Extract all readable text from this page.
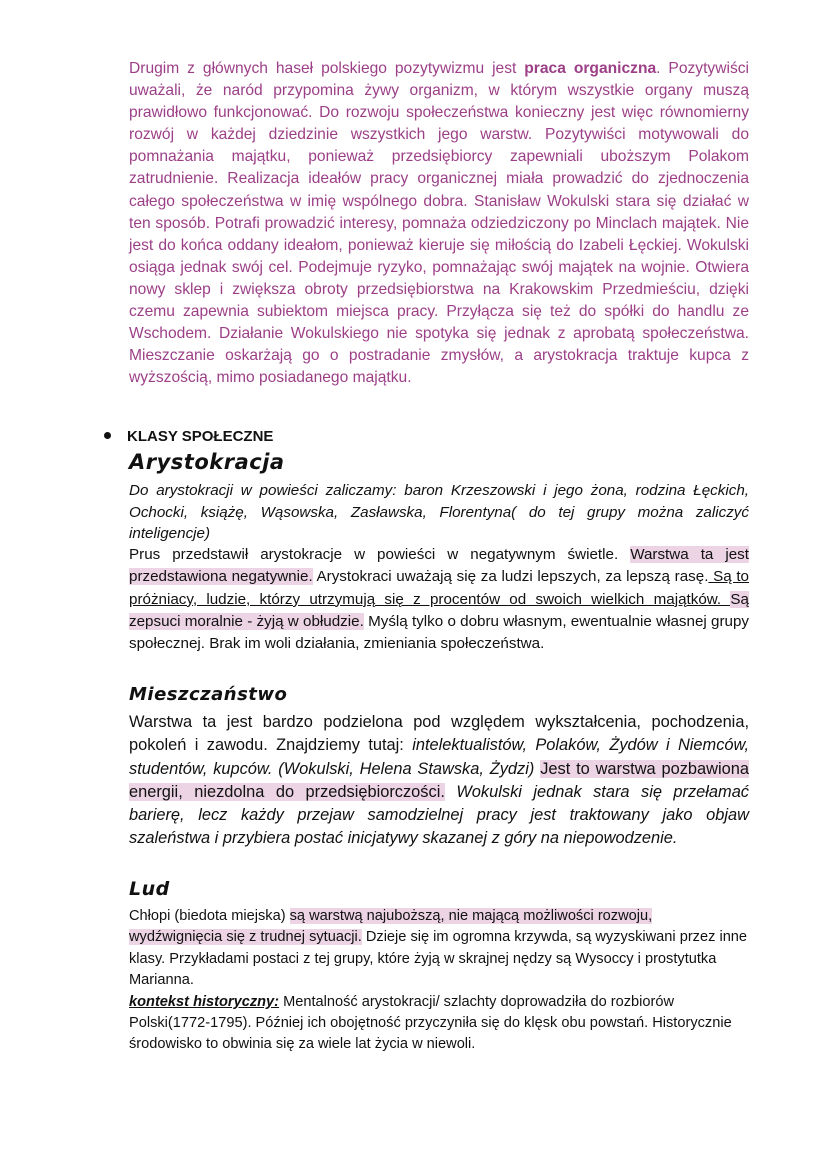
Drugim z głównych haseł polskiego pozytywizmu jest praca organiczna. Pozytywiści uważali, że naród przypomina żywy organizm, w którym wszystkie organy muszą prawidłowo funkcjonować. Do rozwoju społeczeństwa konieczny jest więc równomierny rozwój w każdej dziedzinie wszystkich jego warstw. Pozytywiści motywowali do pomnażania majątku, ponieważ przedsiębiorcy zapewniali uboższym Polakom zatrudnienie. Realizacja ideałów pracy organicznej miała prowadzić do zjednoczenia całego społeczeństwa w imię wspólnego dobra. Stanisław Wokulski stara się działać w ten sposób. Potrafi prowadzić interesy, pomnaża odziedziczony po Minclach majątek. Nie jest do końca oddany ideałom, ponieważ kieruje się miłością do Izabeli Łęckiej. Wokulski osiąga jednak swój cel. Podejmuje ryzyko, pomnażając swój majątek na wojnie. Otwiera nowy sklep i zwiększa obroty przedsiębiorstwa na Krakowskim Przedmieściu, dzięki czemu zapewnia subiektom miejsca pracy. Przyłącza się też do spółki do handlu ze Wschodem. Działanie Wokulskiego nie spotyka się jednak z aprobatą społeczeństwa. Mieszczanie oskarżają go o postradanie zmysłów, a arystokracja traktuje kupca z wyższością, mimo posiadanego majątku.

KLASY SPOŁECZNE
Arystokracja

Do arystokracji w powieści zaliczamy: baron Krzeszowski i jego żona, rodzina Łęckich, Ochocki, książę, Wąsowska, Zasławska, Florentyna( do tej grupy można zaliczyć inteligencje)

Prus przedstawił arystokracje w powieści w negatywnym świetle. Warstwa ta jest przedstawiona negatywnie. Arystokraci uważają się za ludzi lepszych, za lepszą rasę. Są to próżniacy, ludzie, którzy utrzymują się z procentów od swoich wielkich majątków. Są zepsuci moralnie - żyją w obłudzie. Myślą tylko o dobru własnym, ewentualnie własnej grupy społecznej. Brak im woli działania, zmieniania społeczeństwa.

Mieszczaństwo

Warstwa ta jest bardzo podzielona pod względem wykształcenia, pochodzenia, pokoleń i zawodu. Znajdziemy tutaj: intelektualistów, Polaków, Żydów i Niemców, studentów, kupców. (Wokulski, Helena Stawska, Żydzi) Jest to warstwa pozbawiona energii, niezdolna do przedsiębiorczości. Wokulski jednak stara się przełamać barierę, lecz każdy przejaw samodzielnej pracy jest traktowany jako objaw szaleństwa i przybiera postać inicjatywy skazanej z góry na niepowodzenie.

Lud

Chłopi (biedota miejska) są warstwą najuboższą, nie mającą możliwości rozwoju, wydźwignięcia się z trudnej sytuacji. Dzieje się im ogromna krzywda, są wyzyskiwani przez inne klasy. Przykładami postaci z tej grupy, które żyją w skrajnej nędzy są Wysoccy i prostytutka Marianna.
kontekst historyczny: Mentalność arystokracji/ szlachty doprowadziła do rozbiorów Polski(1772-1795). Później ich obojętność przyczyniła się do klęsk obu powstań. Historycznie środowisko to obwinia się za wiele lat życia w niewoli.
